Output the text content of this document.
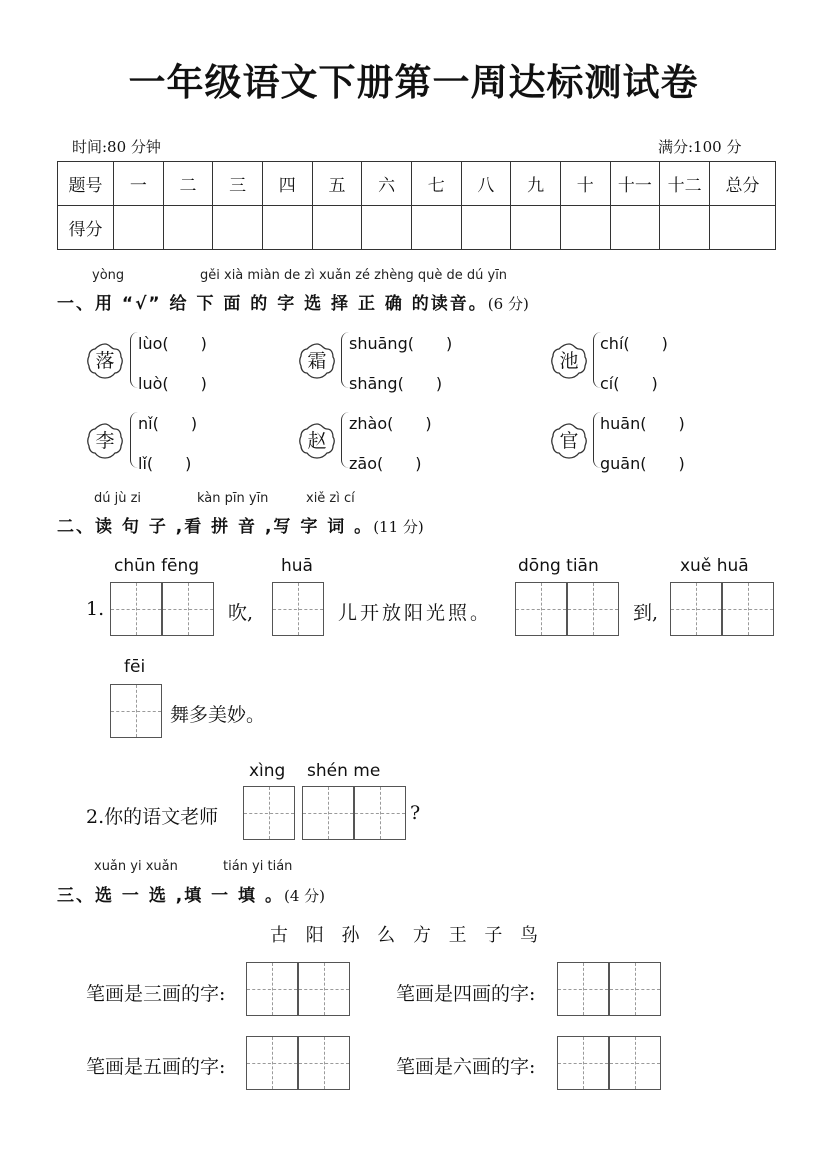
一年级语文下册第一周达标测试卷
时间:80 分钟	满分:100 分
题号	一	二	三	四	五	六	七	八	九	十	十一	十二	总分
得分													
yòng	gěi xià miàn de zì xuǎn zé zhèng què de dú yīn
一、用 “√” 给 下 面 的 字 选 择 正 确 的读音。(6 分)
落
lùo(　　)
luò(　　)
霜
shuāng(　　)
shāng(　　)
池
chí(　　)
cí(　　)
李
nǐ(　　)
lǐ(　　)
赵
zhào(　　)
zāo(　　)
官
huān(　　)
guān(　　)
dú jù zi	kàn pīn yīn	xiě zì cí
二、读 句 子 ,看 拼 音 ,写 字 词 。(11 分)
chūn fēng	huā	dōng tiān	xuě huā
1.	吹,	儿开放阳光照。	到,
fēi
舞多美妙。
xìng shén me
2.你的语文老师	?
xuǎn yi xuǎn	tián yi tián
三、选 一 选 ,填 一 填 。(4 分)
古 阳 孙 么 方 王 子 鸟
笔画是三画的字:	笔画是四画的字:
笔画是五画的字:	笔画是六画的字:
